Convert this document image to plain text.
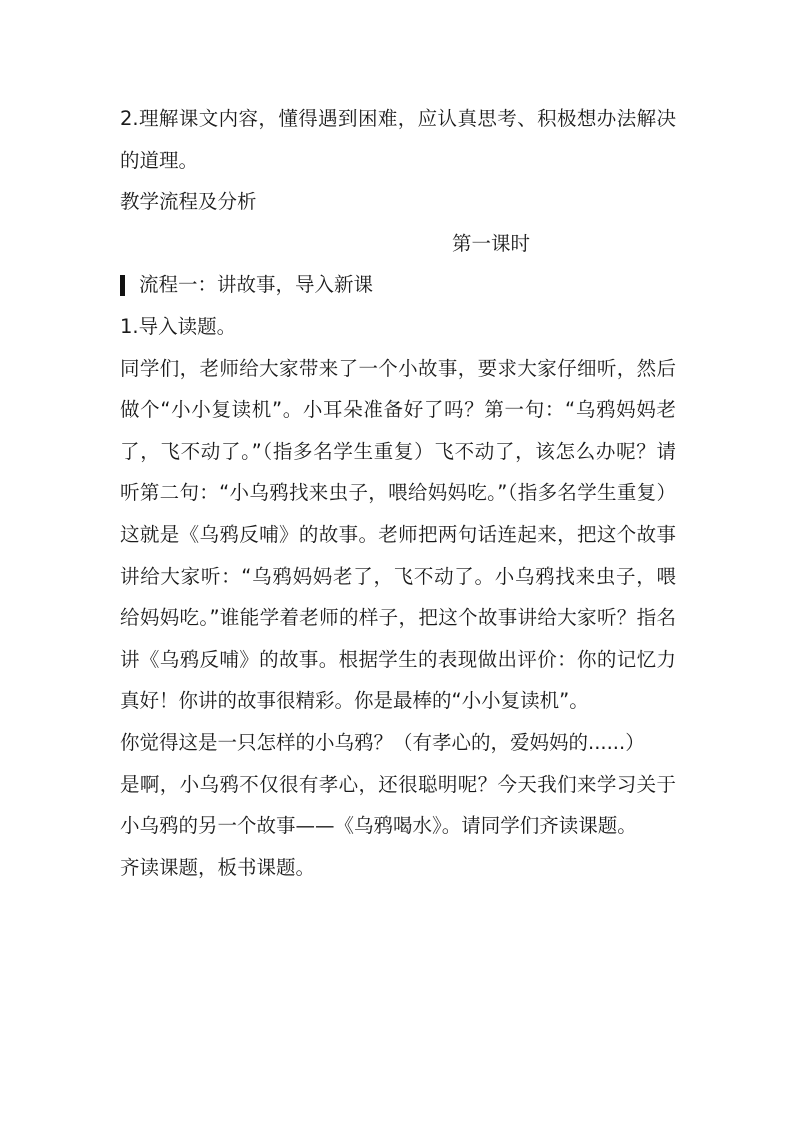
2.理解课文内容，懂得遇到困难，应认真思考、积极想办法解决的道理。

教学流程及分析

第一课时

流程一：讲故事，导入新课

1.导入读题。

同学们，老师给大家带来了一个小故事，要求大家仔细听，然后做个“小小复读机”。小耳朵准备好了吗？第一句：“乌鸦妈妈老了，飞不动了。”（指多名学生重复）飞不动了，该怎么办呢？请听第二句：“小乌鸦找来虫子，喂给妈妈吃。”（指多名学生重复）这就是《乌鸦反哺》的故事。老师把两句话连起来，把这个故事讲给大家听：“乌鸦妈妈老了，飞不动了。小乌鸦找来虫子，喂给妈妈吃。”谁能学着老师的样子，把这个故事讲给大家听？指名讲《乌鸦反哺》的故事。根据学生的表现做出评价：你的记忆力真好！你讲的故事很精彩。你是最棒的“小小复读机”。

你觉得这是一只怎样的小乌鸦？（有孝心的，爱妈妈的......）

是啊，小乌鸦不仅很有孝心，还很聪明呢？今天我们来学习关于小乌鸦的另一个故事——《乌鸦喝水》。请同学们齐读课题。

齐读课题，板书课题。
